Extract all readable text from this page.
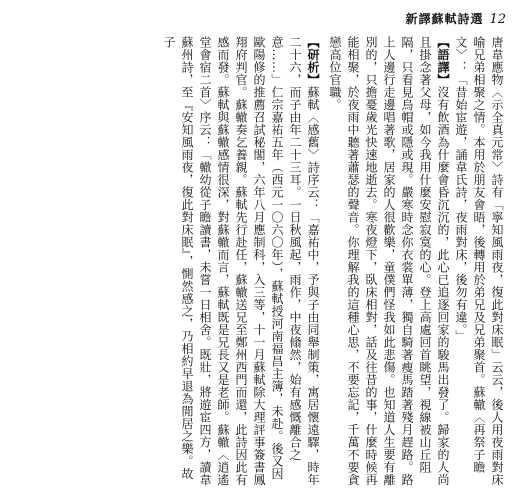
新譯蘇軾詩選 12

唐韋應物〈示全真元常〉詩有「寧知風雨夜，復此對床眠」云云，後人用夜雨對床喻兄弟相聚之情。本用於朋友會晤，後轉用於弟兄及兄弟聚首。蘇轍〈再祭子瞻文〉：「昔始宦遊，誦韋氏詩，夜雨對床，後勿有違。」

【語譯】沒有飲酒為什麼會昏沉沉的，此心已追逐回家的駿馬出發了。歸家的人尚且掛念著父母，如今我用什麼安慰寂寞的心。登上高處回首眺望，視線被山丘阻隔，只看見烏帽或隱或現。嚴寒時念你衣裳單薄，獨自騎著瘦馬踏著殘月趕路。路上人邊行走邊唱著歌，居家的人很歡樂，童僕們怪我如此悲傷。也知道人生要有離別的，只擔憂歲光快速地逝去。寒夜燈下，臥床相對，話及往昔的事，什麼時候再能相聚，於夜雨中聽著蕭瑟的聲音。你理解我的這種心思，不要忘記，千萬不要貪戀高位官職。

【研析】蘇軾〈感舊〉詩序云：「嘉祐中，予與子由同舉制策，寓居懷遠驛，時年二十六，而子由年二十三耳。一日秋風起，雨作，中夜翛然，始有感慨離合之意……」仁宗嘉祐五年（西元一〇六〇年），蘇軾授河南福昌主簿，未赴。後又因歐陽修的推薦召試秘閣，六年八月應制科，入三等，十一月蘇軾除大理評事簽書鳳翔府判官。蘇轍奏乞養親。蘇軾先行赴任，蘇轍送兄至鄭州西門而還，此詩因此有感而發。蘇軾與蘇轍感情很深，對蘇轍而言，蘇軾既是兄長又是老師。蘇轍〈逍遙堂會宿二首〉序云：「轍幼從子瞻讀書，未嘗一日相舍。既壯，將遊宦四方，讀韋蘇州詩，至『安知風雨夜，復此對床眠』，惻然感之，乃相約早退為閒居之樂。故子
